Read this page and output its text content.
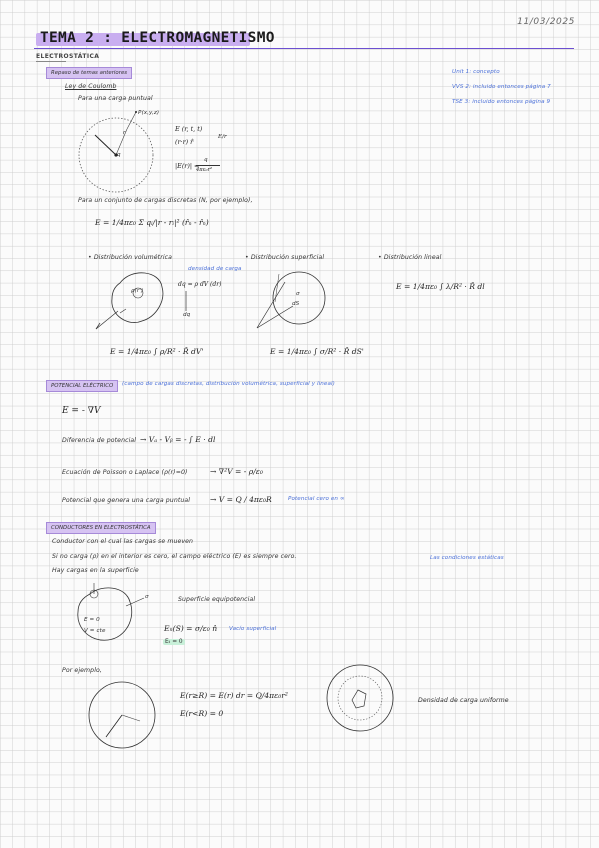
11/03/2025
TEMA 2 : ELECTROMAGNETISMO
ELECTROSTÁTICA
Unit 1: concepto
VVS 2: incluido entonces página 7
TSE 3: incluido entonces página 9
Repaso de temas anteriores
Ley de Coulomb
Para una carga puntual
q
r
P(x,y,z)
E (r, t, t)
(r·r) r̂
E/r
|E(r)| =
q
4πε₀r²
Para un conjunto de cargas discretas (N, por ejemplo),
E = 1/4πε₀ Σ qᵢ/|r - rᵢ|² (r̂ₙ - r̂ₙ)
• Distribución volumétrica	• Distribución superficial	• Distribución lineal
densidad de carga
dq = ρ dV (dr)
ρ(r')
dq
σ
dS
E = 1/4πε₀ ∫ λ/R² · R̂ dl
E = 1/4πε₀ ∫ ρ/R² · R̂ dV'	E = 1/4πε₀ ∫ σ/R² · R̂ dS'
POTENCIAL ELÉCTRICO	(campo de cargas discretas, distribución volumétrica, superficial y lineal)
E = - ∇V
Diferencia de potencial → Vₐ - Vᵦ = - ∫ E · dl
Ecuación de Poisson o Laplace (ρ(r)=0)	→ ∇²V = - ρ/ε₀
Potencial que genera una carga puntual	→ V = Q / 4πε₀R	Potencial cero en ∞
CONDUCTORES EN ELECTROSTÁTICA
Conductor con el cual las cargas se mueven
Si no carga (ρ) en el interior es cero, el campo eléctrico (E) es siempre cero.	Las condiciones estáticas
Hay cargas en la superficie
E = 0
V = cte
σ	Superficie equipotencial
Eₙ(S) = σ/ε₀ n̂ Vacío superficial
Eₜ = 0
Por ejemplo,
E(r≥R) = E(r) dr = Q/4πε₀r²
E(r<R) = 0
Densidad de carga uniforme
